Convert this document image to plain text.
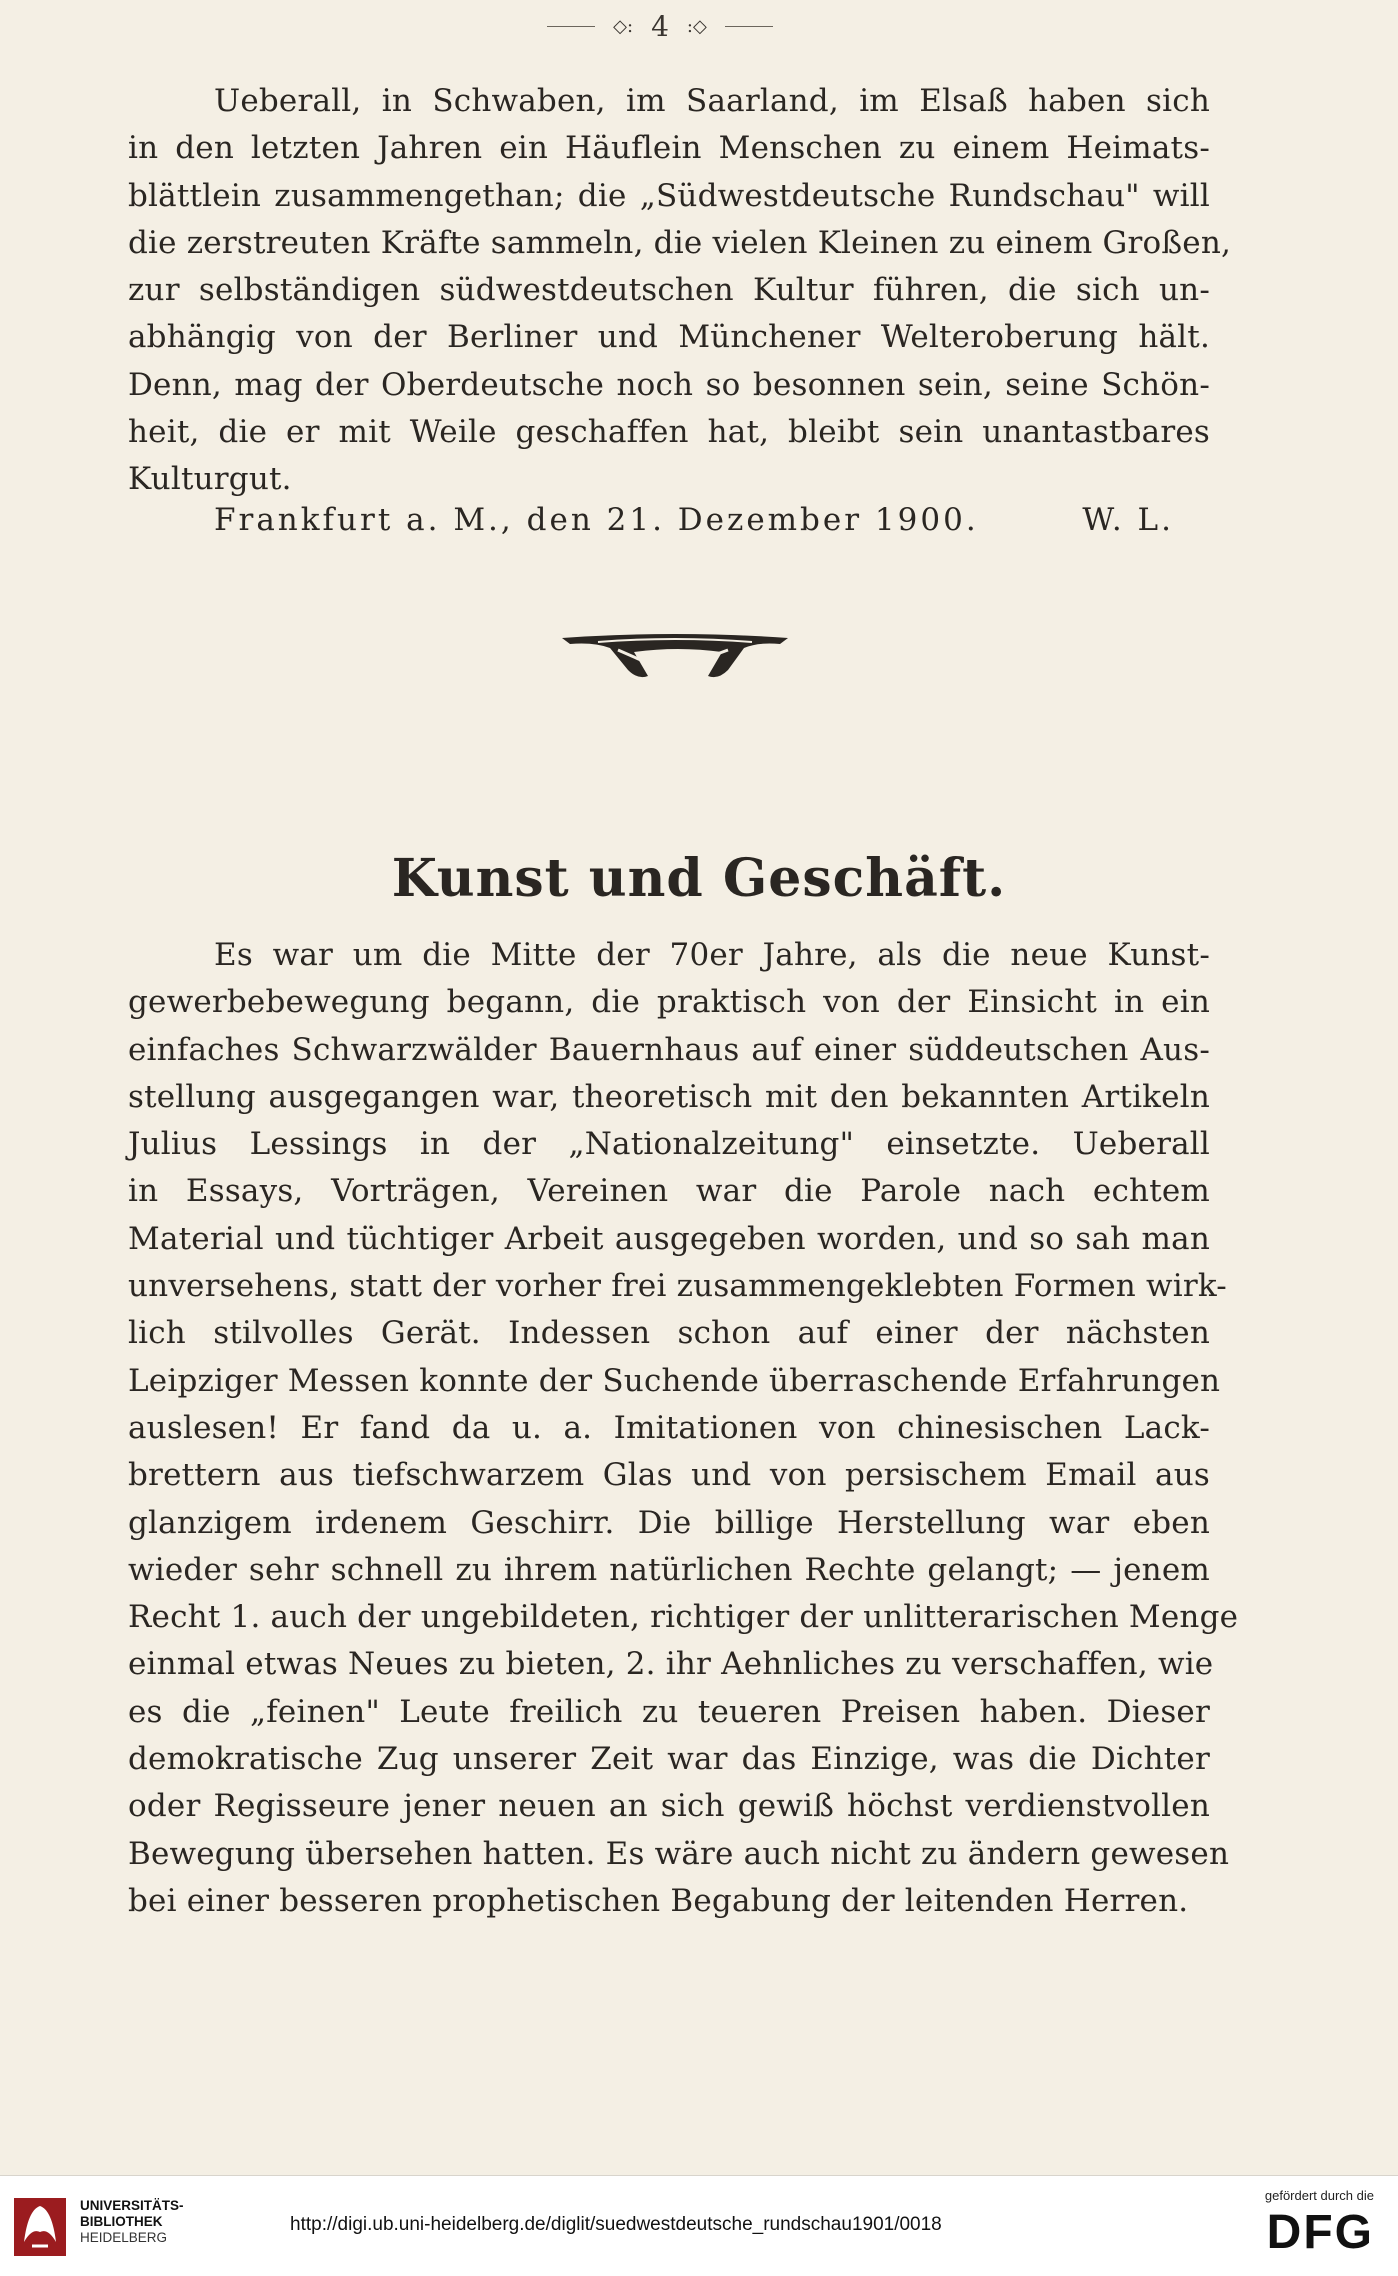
◇: 4 :◇
Ueberall, in Schwaben, im Saarland, im Elsaß haben sich
in den letzten Jahren ein Häuflein Menschen zu einem Heimats-
blättlein zusammengethan; die „Südwestdeutsche Rundschau" will
die zerstreuten Kräfte sammeln, die vielen Kleinen zu einem Großen,
zur selbständigen südwestdeutschen Kultur führen, die sich un-
abhängig von der Berliner und Münchener Welteroberung hält.
Denn, mag der Oberdeutsche noch so besonnen sein, seine Schön-
heit, die er mit Weile geschaffen hat, bleibt sein unantastbares
Kulturgut.
Frankfurt a. M., den 21. Dezember 1900.	W. L.
Kunst und Geschäft.
Es war um die Mitte der 70er Jahre, als die neue Kunst-
gewerbebewegung begann, die praktisch von der Einsicht in ein
einfaches Schwarzwälder Bauernhaus auf einer süddeutschen Aus-
stellung ausgegangen war, theoretisch mit den bekannten Artikeln
Julius Lessings in der „Nationalzeitung" einsetzte. Ueberall
in Essays, Vorträgen, Vereinen war die Parole nach echtem
Material und tüchtiger Arbeit ausgegeben worden, und so sah man
unversehens, statt der vorher frei zusammengeklebten Formen wirk-
lich stilvolles Gerät. Indessen schon auf einer der nächsten
Leipziger Messen konnte der Suchende überraschende Erfahrungen
auslesen! Er fand da u. a. Imitationen von chinesischen Lack-
brettern aus tiefschwarzem Glas und von persischem Email aus
glanzigem irdenem Geschirr. Die billige Herstellung war eben
wieder sehr schnell zu ihrem natürlichen Rechte gelangt; — jenem
Recht 1. auch der ungebildeten, richtiger der unlitterarischen Menge
einmal etwas Neues zu bieten, 2. ihr Aehnliches zu verschaffen, wie
es die „feinen" Leute freilich zu teueren Preisen haben. Dieser
demokratische Zug unserer Zeit war das Einzige, was die Dichter
oder Regisseure jener neuen an sich gewiß höchst verdienstvollen
Bewegung übersehen hatten. Es wäre auch nicht zu ändern gewesen
bei einer besseren prophetischen Begabung der leitenden Herren.
UNIVERSITÄTS-
BIBLIOTHEK
HEIDELBERG
http://digi.ub.uni-heidelberg.de/diglit/suedwestdeutsche_rundschau1901/0018
gefördert durch die
DFG
